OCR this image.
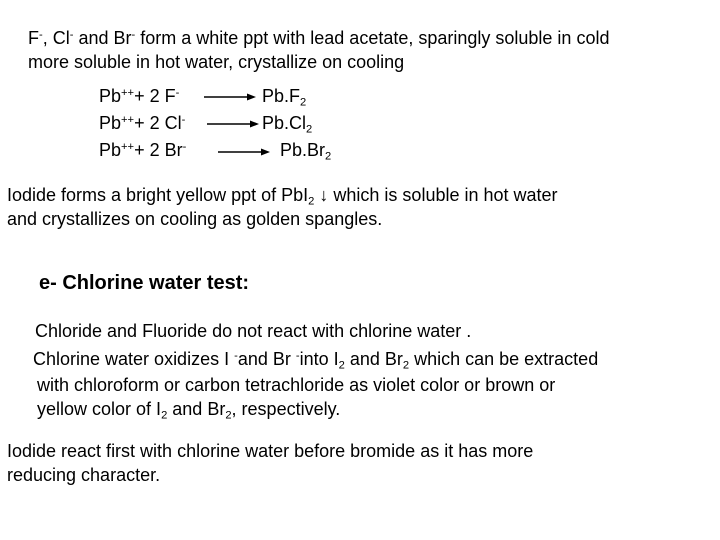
F-, Cl- and Br- form a white ppt with lead acetate, sparingly soluble in cold

more soluble in hot water, crystallize on cooling

Pb+++ 2 $F^- \to Pb.F_2$

Pb+++ 2 $Cl^- \to Pb.Cl_2$

Pb+++ 2 $Br^- \to Pb.Br_2$

Iodide forms a bright yellow ppt of PbI$_2$ ↓ which is soluble in hot water

and crystallizes on cooling as golden spangles.

e- Chlorine water test:

Chloride and Fluoride do not react with chlorine water .

Chlorine water oxidizes I -and Br -into $I_2$ and $Br_2$ which can be extracted

with chloroform or carbon tetrachloride as violet color or brown or

yellow color of $I_2$ and $Br_2$, respectively.

Iodide react first with chlorine water before bromide as it has more

reducing character.
